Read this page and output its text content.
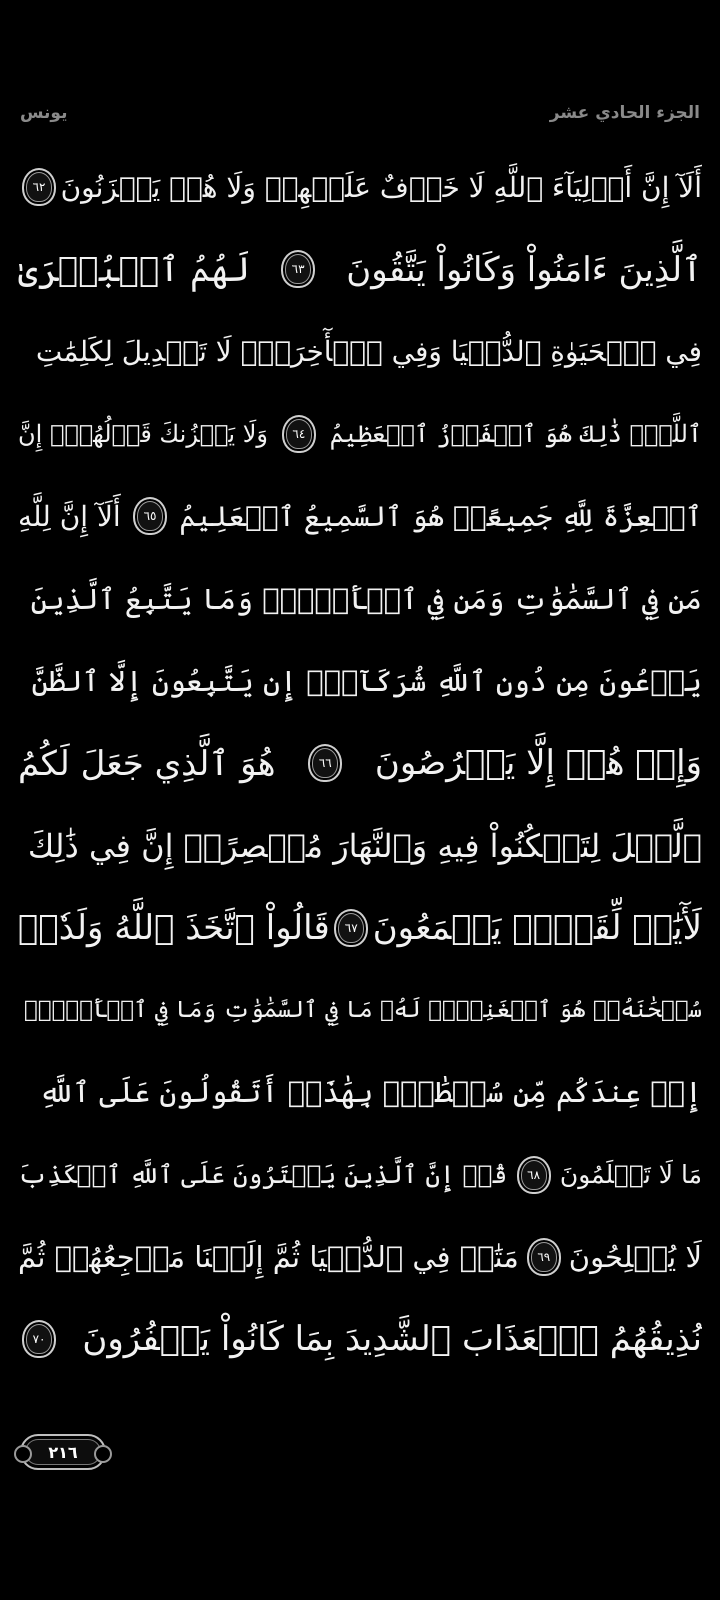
يونس	الجزء الحادي عشر
أَلَآ إِنَّ أَوۡلِيَآءَ ٱللَّهِ لَا خَوۡفٌ عَلَيۡهِمۡ وَلَا هُمۡ يَحۡزَنُونَ
٦٢
ٱلَّذِينَ ءَامَنُواْ وَكَانُواْ يَتَّقُونَ
٦٣
لَهُمُ ٱلۡبُشۡرَىٰ
فِي ٱلۡحَيَوٰةِ ٱلدُّنۡيَا وَفِي ٱلۡأٓخِرَةِۚ لَا تَبۡدِيلَ لِكَلِمَٰتِ
ٱللَّهِۚ ذَٰلِكَ هُوَ ٱلۡفَوۡزُ ٱلۡعَظِيمُ
٦٤
وَلَا يَحۡزُنكَ قَوۡلُهُمۡۘ إِنَّ
ٱلۡعِزَّةَ لِلَّهِ جَمِيعًاۚ هُوَ ٱلسَّمِيعُ ٱلۡعَلِيمُ
٦٥
أَلَآ إِنَّ لِلَّهِ
مَن فِي ٱلسَّمَٰوَٰتِ وَمَن فِي ٱلۡأَرۡضِۗ وَمَا يَتَّبِعُ ٱلَّذِينَ
يَدۡعُونَ مِن دُونِ ٱللَّهِ شُرَكَآءَۚ إِن يَتَّبِعُونَ إِلَّا ٱلظَّنَّ
وَإِنۡ هُمۡ إِلَّا يَخۡرُصُونَ
٦٦
هُوَ ٱلَّذِي جَعَلَ لَكُمُ
ٱلَّيۡلَ لِتَسۡكُنُواْ فِيهِ وَٱلنَّهَارَ مُبۡصِرًاۚ إِنَّ فِي ذَٰلِكَ
لَأٓيَٰتٖ لِّقَوۡمٖ يَسۡمَعُونَ
٦٧
قَالُواْ ٱتَّخَذَ ٱللَّهُ وَلَدٗاۗ
سُبۡحَٰنَهُۥۖ هُوَ ٱلۡغَنِيُّۖ لَهُۥ مَا فِي ٱلسَّمَٰوَٰتِ وَمَا فِي ٱلۡأَرۡضِۚ
إِنۡ عِندَكُم مِّن سُلۡطَٰنِۭ بِهَٰذَآۚ أَتَقُولُونَ عَلَى ٱللَّهِ
مَا لَا تَعۡلَمُونَ
٦٨
قُلۡ إِنَّ ٱلَّذِينَ يَفۡتَرُونَ عَلَى ٱللَّهِ ٱلۡكَذِبَ
لَا يُفۡلِحُونَ
٦٩
مَتَٰعٞ فِي ٱلدُّنۡيَا ثُمَّ إِلَيۡنَا مَرۡجِعُهُمۡ ثُمَّ
نُذِيقُهُمُ ٱلۡعَذَابَ ٱلشَّدِيدَ بِمَا كَانُواْ يَكۡفُرُونَ
٧٠
٢١٦
